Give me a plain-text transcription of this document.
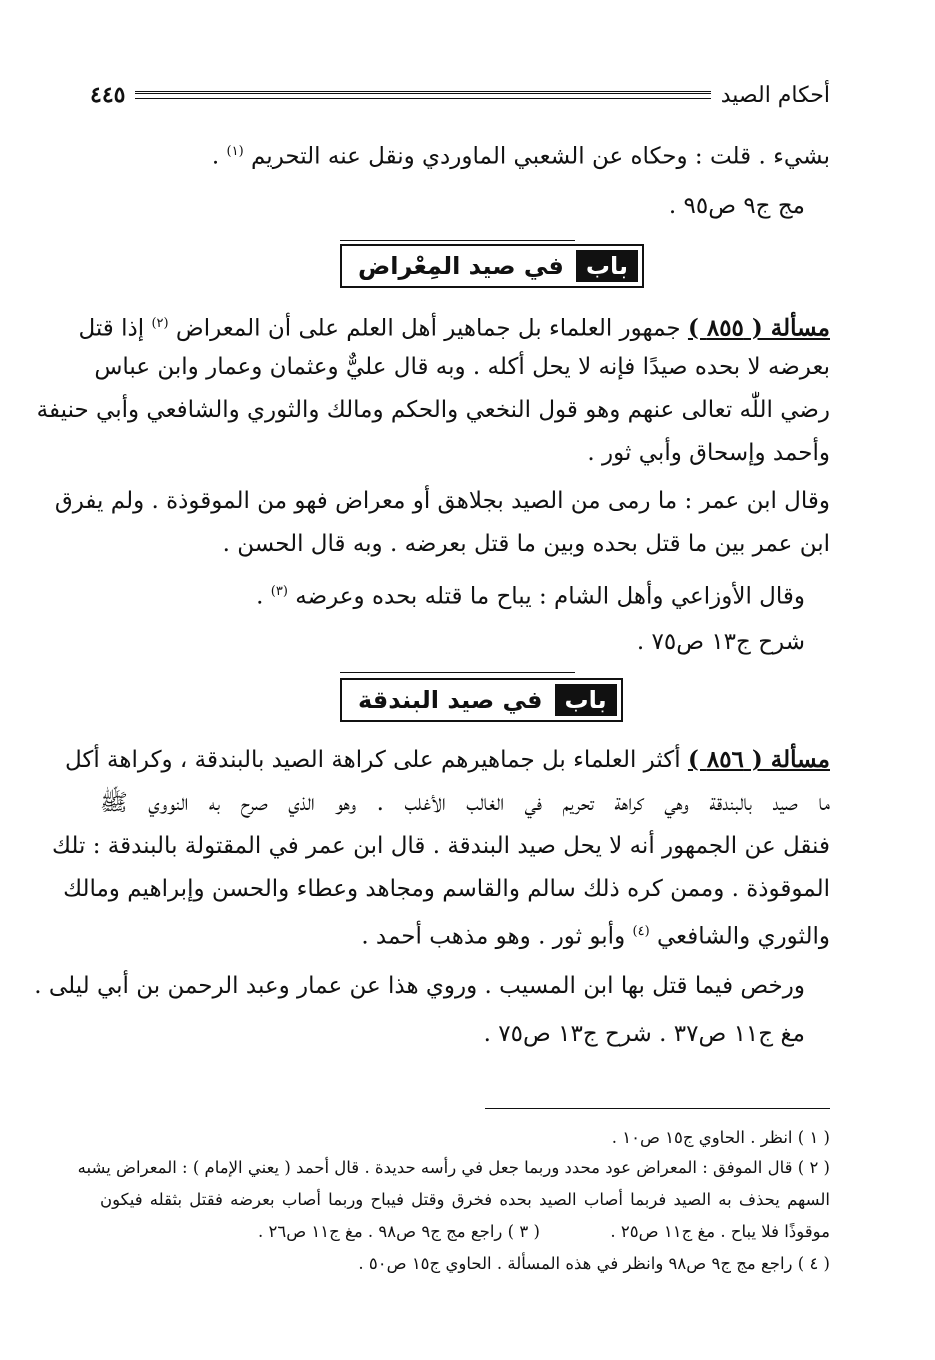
أحكام الصيد
٤٤٥
بشيء . قلت : وحكاه عن الشعبي الماوردي ونقل عنه التحريم $^{(١)}$ .
مج ج٩ ص٩٥ .
باب
في صيد المِعْراض
مسألة ( ٨٥٥ ) جمهور العلماء بل جماهير أهل العلم على أن المعراض $^{(٢)}$ إذا قتل
بعرضه لا بحده صيدًا فإنه لا يحل أكله . وبه قال عليٌّ وعثمان وعمار وابن عباس
رضي اللّٰه تعالى عنهم وهو قول النخعي والحكم ومالك والثوري والشافعي وأبي حنيفة
وأحمد وإسحاق وأبي ثور .
وقال ابن عمر : ما رمى من الصيد بجلاهق أو معراض فهو من الموقوذة . ولم يفرق
ابن عمر بين ما قتل بحده وبين ما قتل بعرضه . وبه قال الحسن .
وقال الأوزاعي وأهل الشام : يباح ما قتله بحده وعرضه $^{(٣)}$ .
شرح ج١٣ ص٧٥ .
باب
في صيد البندقة
مسألة ( ٨٥٦ ) أكثر العلماء بل جماهيرهم على كراهة الصيد بالبندقة ، وكراهة أكل
ما صيد بالبندقة وهي كراهة تحريم في الغالب الأغلب . وهو الذي صرح به النووي ﷺ
فنقل عن الجمهور أنه لا يحل صيد البندقة . قال ابن عمر في المقتولة بالبندقة : تلك
الموقوذة . وممن كره ذلك سالم والقاسم ومجاهد وعطاء والحسن وإبراهيم ومالك
والثوري والشافعي $^{(٤)}$ وأبو ثور . وهو مذهب أحمد .
ورخص فيما قتل بها ابن المسيب . وروي هذا عن عمار وعبد الرحمن بن أبي ليلى .
مغ ج١١ ص٣٧ . شرح ج١٣ ص٧٥ .
( ١ ) انظر . الحاوي ج١٥ ص١٠ .
( ٢ ) قال الموفق : المعراض عود محدد وربما جعل في رأسه حديدة . قال أحمد ( يعني الإمام ) : المعراض يشبه
السهم يحذف به الصيد فربما أصاب الصيد بحده فخرق وقتل فيباح وربما أصاب بعرضه فقتل بثقله فيكون
موقوذًا فلا يباح . مغ ج١١ ص٢٥ .  ( ٣ ) راجع مج ج٩ ص٩٨ . مغ ج١١ ص٢٦ .
( ٤ ) راجع مج ج٩ ص٩٨ وانظر في هذه المسألة . الحاوي ج١٥ ص٥٠ .
